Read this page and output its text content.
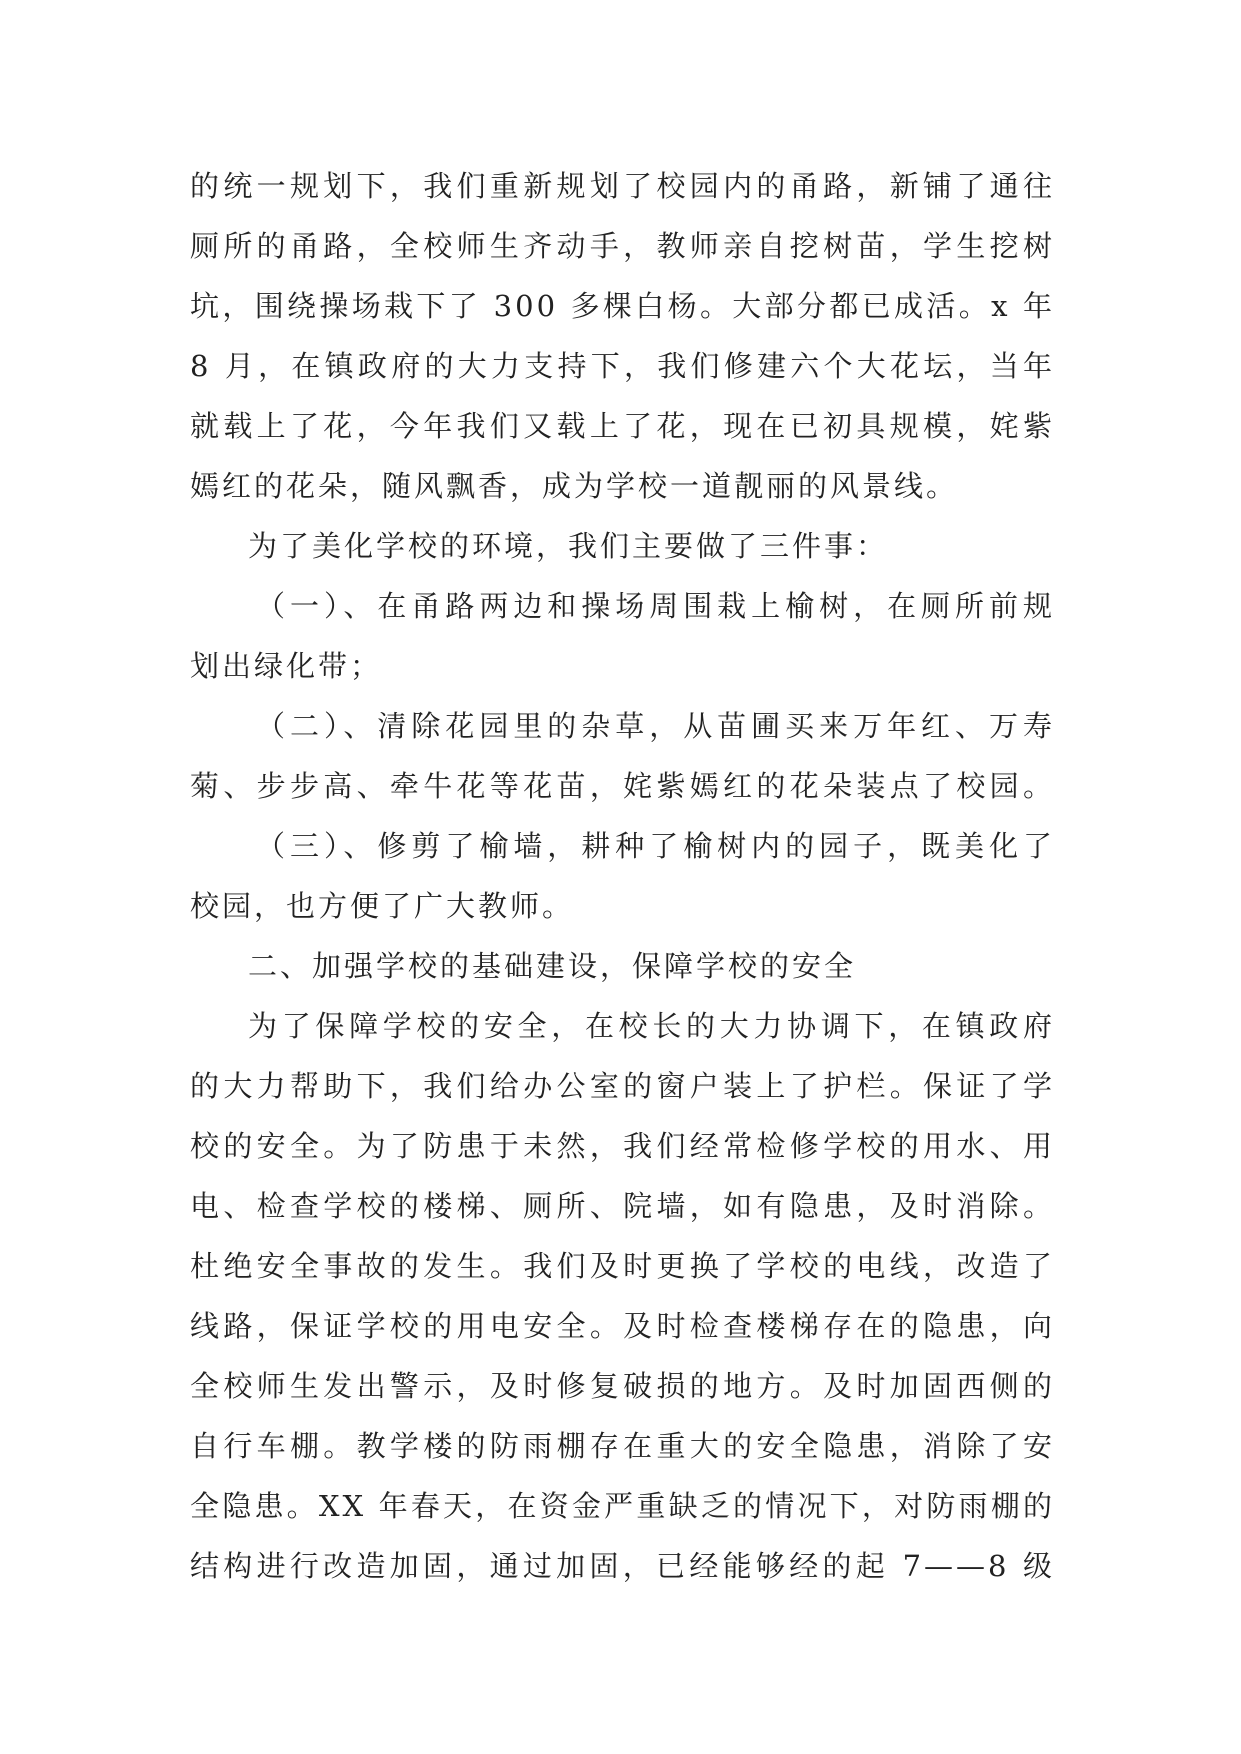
的统一规划下，我们重新规划了校园内的甬路，新铺了通往
厕所的甬路，全校师生齐动手，教师亲自挖树苗，学生挖树
坑，围绕操场栽下了 300 多棵白杨。大部分都已成活。x 年
8 月，在镇政府的大力支持下，我们修建六个大花坛，当年
就载上了花，今年我们又载上了花，现在已初具规模，姹紫
嫣红的花朵，随风飘香，成为学校一道靓丽的风景线。
为了美化学校的环境，我们主要做了三件事：
（一）、在甬路两边和操场周围栽上榆树，在厕所前规
划出绿化带；
（二）、清除花园里的杂草，从苗圃买来万年红、万寿
菊、步步高、牵牛花等花苗，姹紫嫣红的花朵装点了校园。
（三）、修剪了榆墙，耕种了榆树内的园子，既美化了
校园，也方便了广大教师。
二、加强学校的基础建设，保障学校的安全
为了保障学校的安全，在校长的大力协调下，在镇政府
的大力帮助下，我们给办公室的窗户装上了护栏。保证了学
校的安全。为了防患于未然，我们经常检修学校的用水、用
电、检查学校的楼梯、厕所、院墙，如有隐患，及时消除。
杜绝安全事故的发生。我们及时更换了学校的电线，改造了
线路，保证学校的用电安全。及时检查楼梯存在的隐患，向
全校师生发出警示，及时修复破损的地方。及时加固西侧的
自行车棚。教学楼的防雨棚存在重大的安全隐患，消除了安
全隐患。XX 年春天，在资金严重缺乏的情况下，对防雨棚的
结构进行改造加固，通过加固，已经能够经的起 7——8 级
